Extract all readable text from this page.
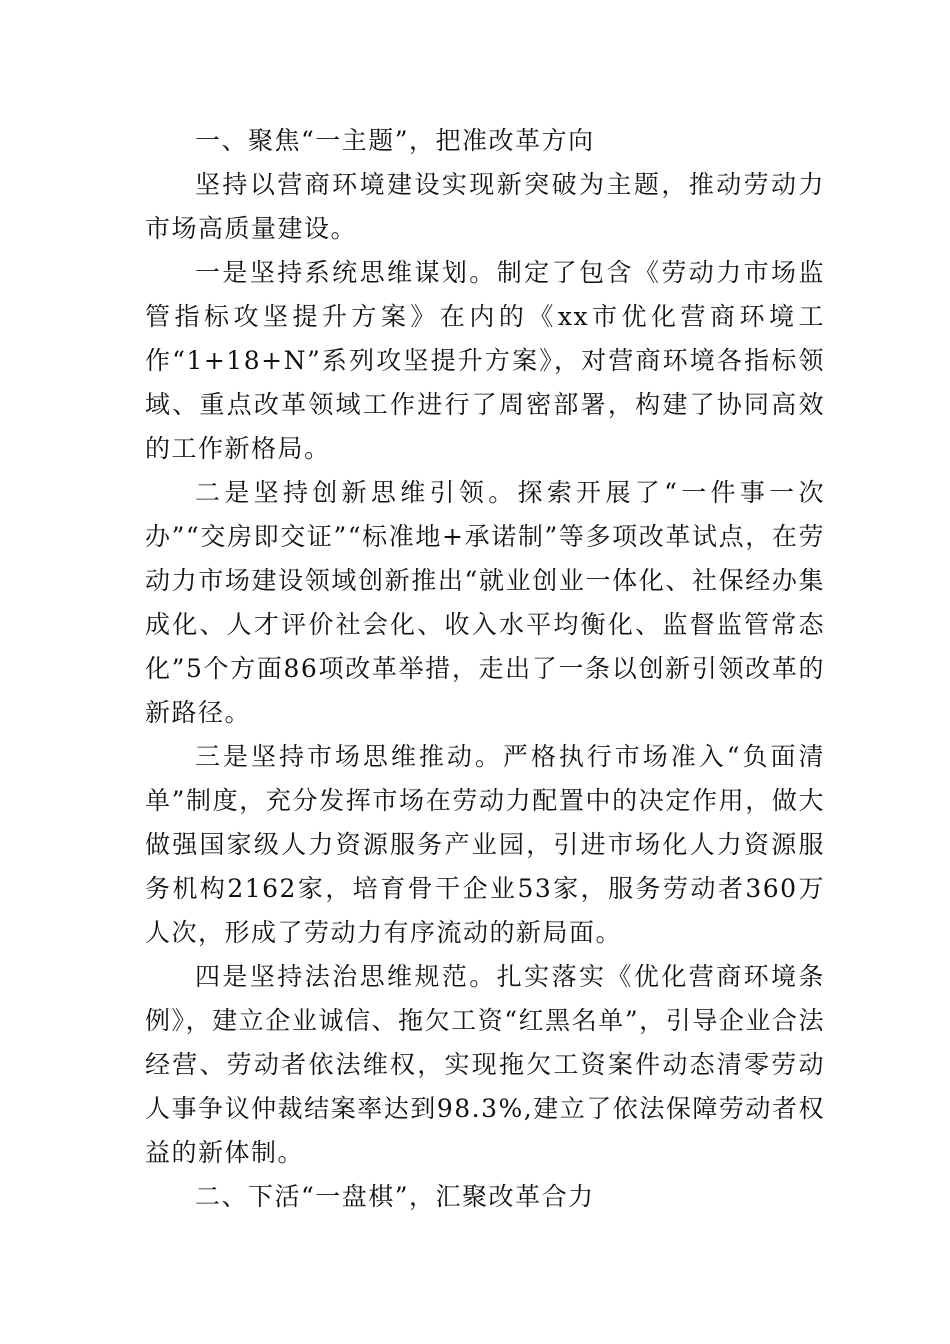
一、聚焦“一主题”，把准改革方向

坚持以营商环境建设实现新突破为主题，推动劳动力市场高质量建设。

一是坚持系统思维谋划。制定了包含《劳动力市场监管指标攻坚提升方案》在内的《xx市优化营商环境工作“1+18+N”系列攻坚提升方案》，对营商环境各指标领域、重点改革领域工作进行了周密部署，构建了协同高效的工作新格局。

二是坚持创新思维引领。探索开展了“一件事一次办”“交房即交证”“标准地+承诺制”等多项改革试点，在劳动力市场建设领域创新推出“就业创业一体化、社保经办集成化、人才评价社会化、收入水平均衡化、监督监管常态化”5个方面86项改革举措，走出了一条以创新引领改革的新路径。

三是坚持市场思维推动。严格执行市场准入“负面清单”制度，充分发挥市场在劳动力配置中的决定作用，做大做强国家级人力资源服务产业园，引进市场化人力资源服务机构2162家，培育骨干企业53家，服务劳动者360万人次，形成了劳动力有序流动的新局面。

四是坚持法治思维规范。扎实落实《优化营商环境条例》，建立企业诚信、拖欠工资“红黑名单”，引导企业合法经营、劳动者依法维权，实现拖欠工资案件动态清零劳动人事争议仲裁结案率达到98.3%,建立了依法保障劳动者权益的新体制。

二、下活“一盘棋”，汇聚改革合力
